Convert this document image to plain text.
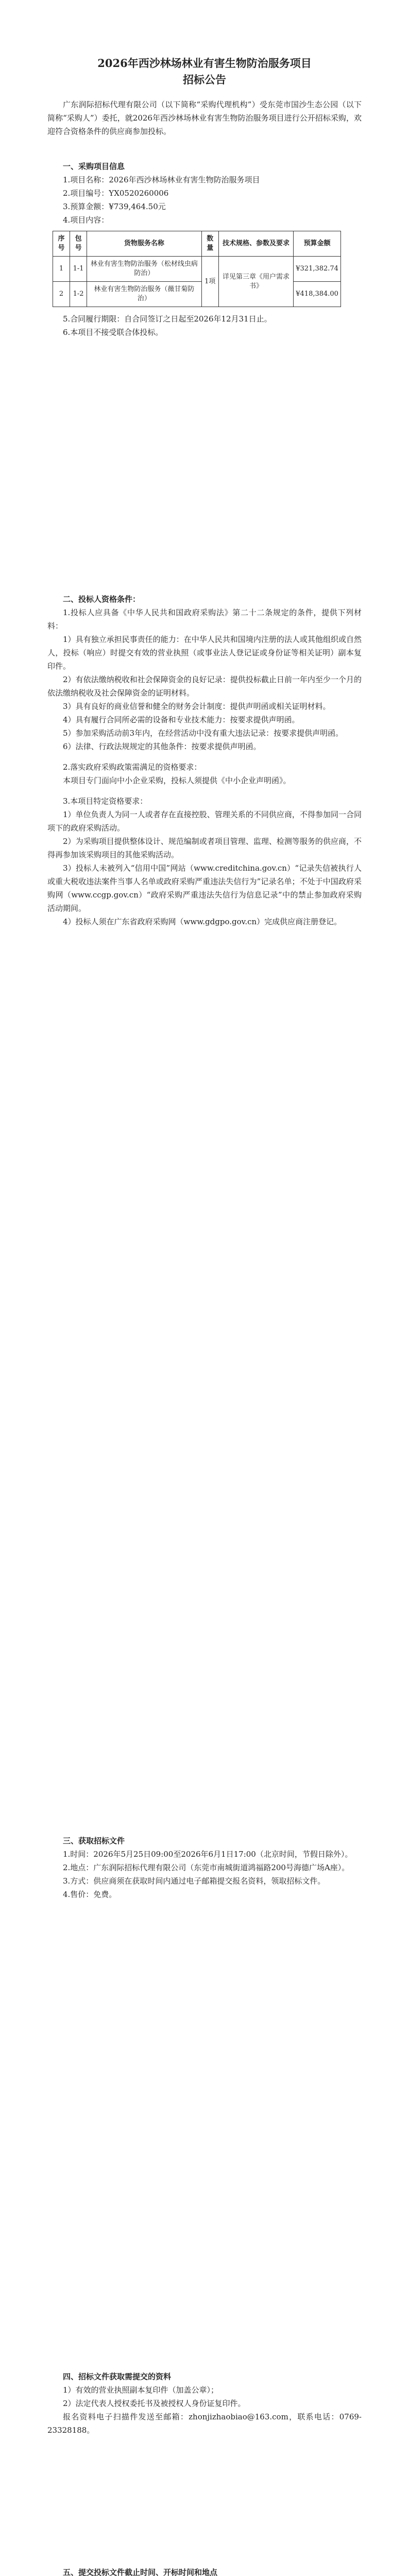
2026年西沙林场林业有害生物防治服务项目
招标公告

广东润际招标代理有限公司（以下简称“采购代理机构”）受东莞市国沙生态公园（以下简称“采购人”）委托，就2026年西沙林场林业有害生物防治服务项目进行公开招标采购，欢迎符合资格条件的供应商参加投标。

一、采购项目信息

1.项目名称：2026年西沙林场林业有害生物防治服务项目

2.项目编号：YX0520260006

3.预算金额：¥739,464.50元

4.项目内容：

序号	包号	货物服务名称	数量	技术规格、参数及要求	预算金额
1	1-1	林业有害生物防治服务（松材线虫病防治）	1项	详见第三章《用户需求书》	¥321,382.74
2	1-2	林业有害生物防治服务（薇甘菊防治）			¥418,384.00

5.合同履行期限：自合同签订之日起至2026年12月31日止。

6.本项目不接受联合体投标。

二、投标人资格条件：

1.投标人应具备《中华人民共和国政府采购法》第二十二条规定的条件，提供下列材料：

1）具有独立承担民事责任的能力：在中华人民共和国境内注册的法人或其他组织或自然人，投标（响应）时提交有效的营业执照（或事业法人登记证或身份证等相关证明）副本复印件。

2）有依法缴纳税收和社会保障资金的良好记录：提供投标截止日前一年内至少一个月的依法缴纳税收及社会保障资金的证明材料。

3）具有良好的商业信誉和健全的财务会计制度：提供声明函或相关证明材料。

4）具有履行合同所必需的设备和专业技术能力：按要求提供声明函。

5）参加采购活动前3年内，在经营活动中没有重大违法记录：按要求提供声明函。

6）法律、行政法规规定的其他条件：按要求提供声明函。

2.落实政府采购政策需满足的资格要求：

本项目专门面向中小企业采购，投标人须提供《中小企业声明函》。

3.本项目特定资格要求：

1）单位负责人为同一人或者存在直接控股、管理关系的不同供应商，不得参加同一合同项下的政府采购活动。

2）为采购项目提供整体设计、规范编制或者项目管理、监理、检测等服务的供应商，不得再参加该采购项目的其他采购活动。

3）投标人未被列入“信用中国”网站（www.creditchina.gov.cn）“记录失信被执行人或重大税收违法案件当事人名单或政府采购严重违法失信行为”记录名单；不处于中国政府采购网（www.ccgp.gov.cn）“政府采购严重违法失信行为信息记录”中的禁止参加政府采购活动期间。

4）投标人须在广东省政府采购网（www.gdgpo.gov.cn）完成供应商注册登记。

三、获取招标文件

1.时间：2026年5月25日09:00至2026年6月1日17:00（北京时间，节假日除外）。

2.地点：广东润际招标代理有限公司（东莞市南城街道鸿福路200号海德广场A座）。

3.方式：供应商须在获取时间内通过电子邮箱提交报名资料，领取招标文件。

4.售价：免费。

四、招标文件获取需提交的资料

1）有效的营业执照副本复印件（加盖公章）；

2）法定代表人授权委托书及被授权人身份证复印件。

报名资料电子扫描件发送至邮箱：zhonjizhaobiao@163.com，联系电话：0769-23328188。

五、提交投标文件截止时间、开标时间和地点
